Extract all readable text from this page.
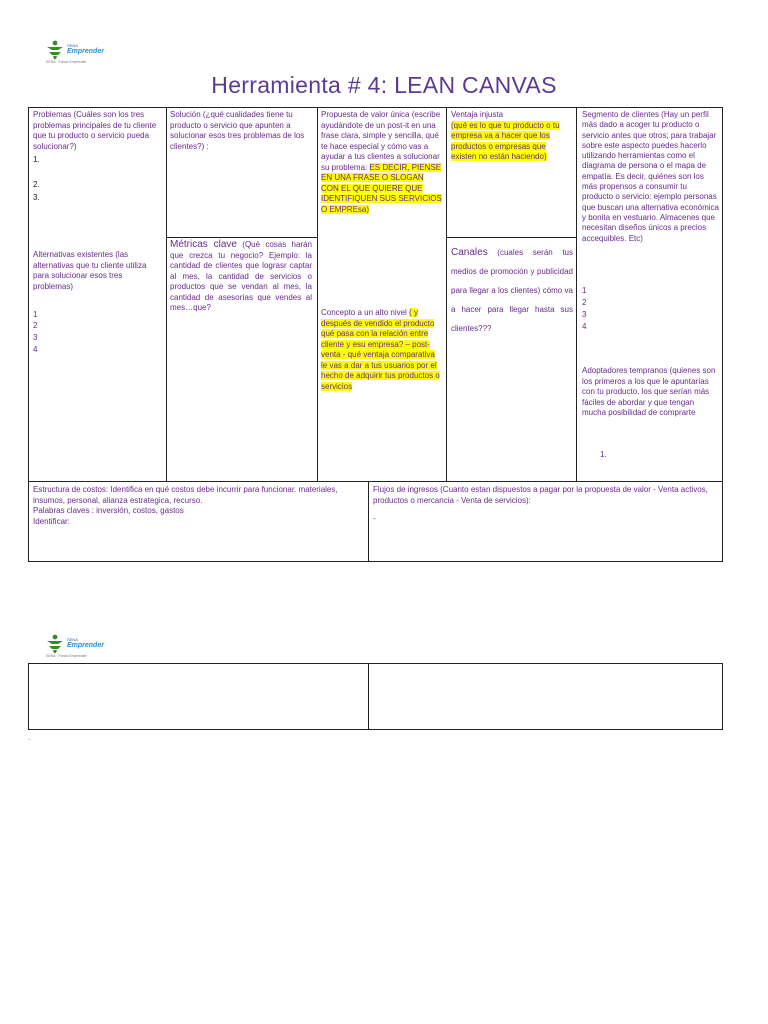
SENA
Emprender
SENA · Fondo Emprender
Herramienta # 4: LEAN CANVAS
Problemas (Cuáles son los tres problemas principales de tu cliente que tu producto o servicio pueda solucionar?)
1.
2.
3.
Alternativas existentes (las alternativas que tu cliente utiliza para solucionar esos tres problemas)
1
2
3
4
Solución (¿qué cualidades tiene tu producto o servicio que apunten a solucionar esos tres problemas de los clientes?) :
Métricas clave (Qué cosas harán que crezca tu negocio? Ejemplo: la cantidad de clientes que lograsr captar al mes, la cantidad de servicios o productos que se vendan al mes, la cantidad de asesorías que vendes al mes…que?
Propuesta de valor única (escribe ayudándote de un post-it en una frase clara, simple y sencilla, qué te hace especial y cómo vas a ayudar a tus clientes a solucionar su problema: ES DECIR, PIENSE EN UNA FRASE O SLOGAN CON EL QUE QUIERE QUE IDENTIFIQUEN SUS SERVICIOS O EMPREsa)
Concepto a un alto nivel ( y después de vendido el producto qué pasa con la relación entre cliente y esu empresa? – post-venta - qué ventaja comparativa le vas a dar a tus usuarios por el hecho de adquirir tus productos o servicios
Ventaja injusta
(qué es lo que tu producto o tu empresa va a hacer que los productos o empresas que existen no están haciendo)
Canales (cuales serán tus medios de promoción y publicidad para llegar a los clientes) cómo va a hacer para llegar hasta sus clientes???
Segmento de clientes (Hay un perfil más dado a acoger tu producto o servicio antes que otros; para trabajar sobre este aspecto puedes hacerlo utilizando herramientas como el diagrama de persona o el mapa de empatía. Es decir, quiénes son los más propensos a consumir tu producto o servicio: ejemplo personas que buscan una alternativa económica y bonita en vestuario. Almacenes que necesitan diseños únicos a precios accequibles. Etc)
1
2
3
4
Adoptadores tempranos (quienes son los primeros a los que le apuntarías con tu producto, los que serían más fáciles de abordar y que tengan mucha posibilidad de comprarte
1.
Estructura de costos: Identifica en qué costos debe incurrir para funcionar. materiales, insumos, personal, alianza estrategica, recurso.
Palabras claves : inversión, costos, gastos
Identificar:
Flujos de ingresos (Cuanto estan dispuestos a pagar por la propuesta de valor - Venta activos, productos o mercancia - Venta de servicios):
-
SENA
Emprender
SENA · Fondo Emprender
.
